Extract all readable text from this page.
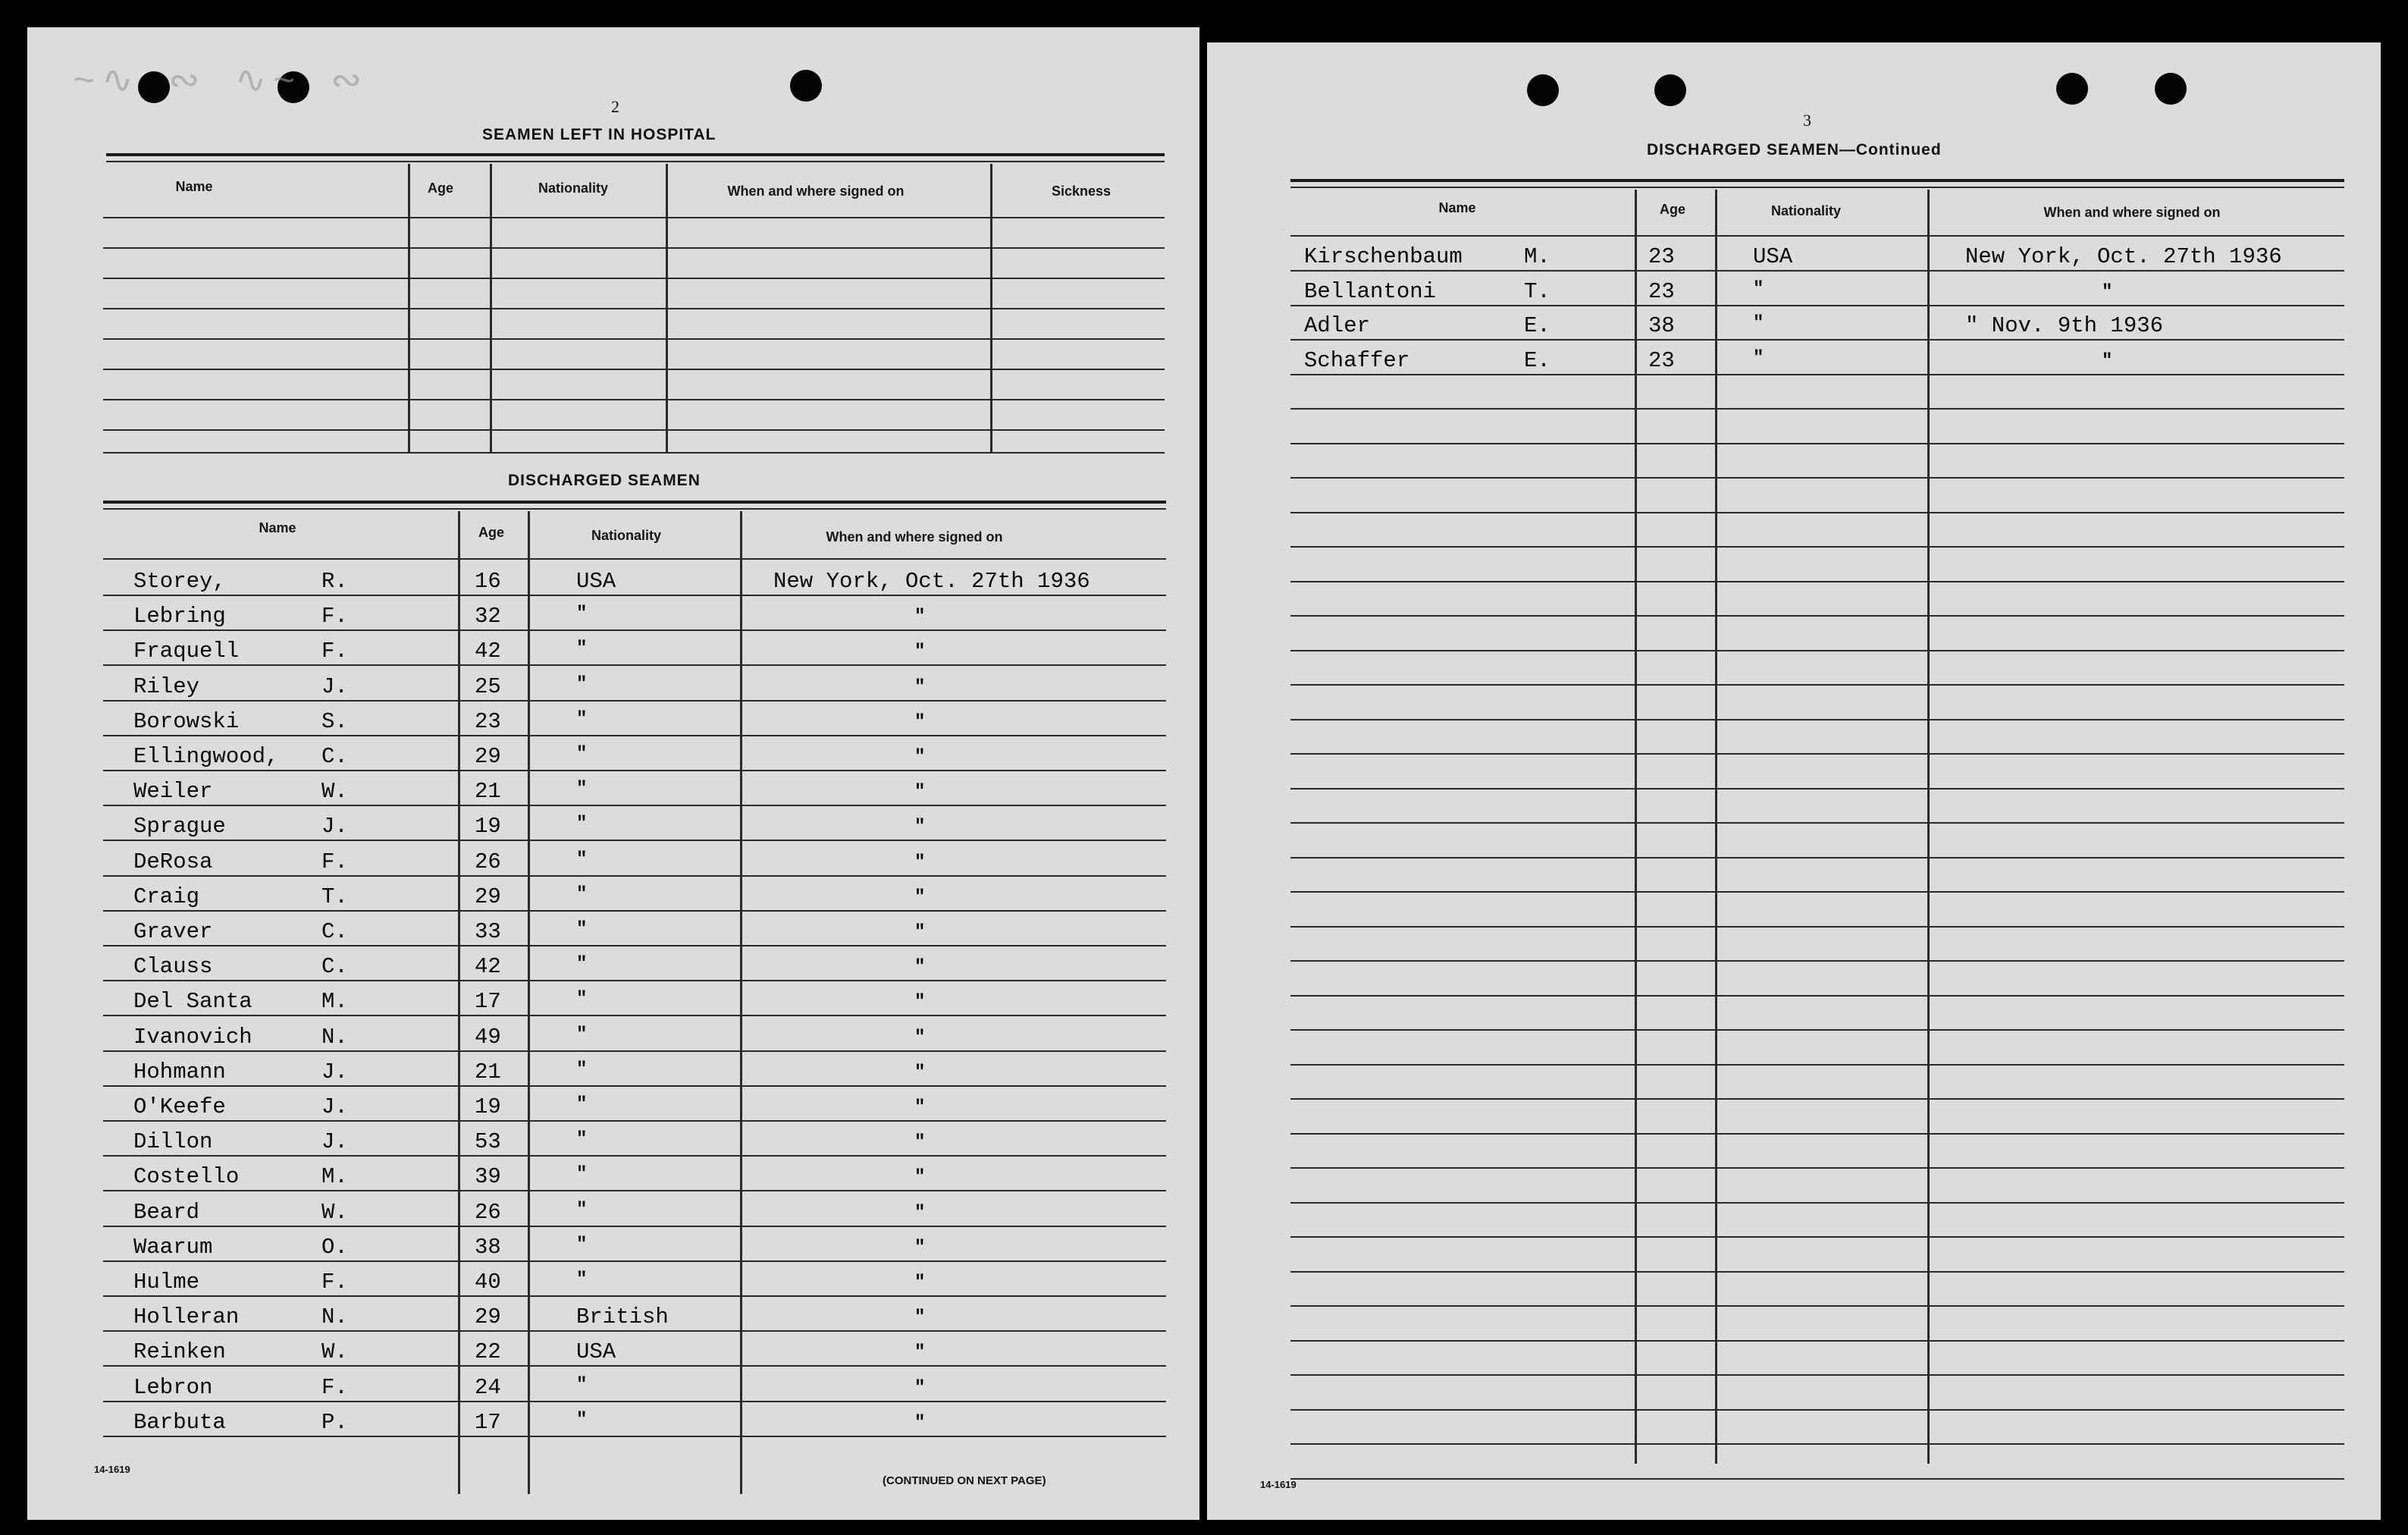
~∿ ∾ ∿~ ∾
2
SEAMEN LEFT IN HOSPITAL
Name	Age	Nationality	When and where signed on	Sickness
DISCHARGED SEAMEN
Name	Age	Nationality	When and where signed on
Storey,	R.	16	USA	New York, Oct. 27th 1936
Lebring	F.	32	"	"
Fraquell	F.	42	"	"
Riley	J.	25	"	"
Borowski	S.	23	"	"
Ellingwood, C.	29	"	"
Weiler	W.	21	"	"
Sprague	J.	19	"	"
DeRosa	F.	26	"	"
Craig	T.	29	"	"
Graver	C.	33	"	"
Clauss	C.	42	"	"
Del Santa	M.	17	"	"
Ivanovich	N.	49	"	"
Hohmann	J.	21	"	"
O'Keefe	J.	19	"	"
Dillon	J.	53	"	"
Costello	M.	39	"	"
Beard	W.	26	"	"
Waarum	O.	38	"	"
Hulme	F.	40	"	"
Holleran	N.	29	British	"
Reinken	W.	22	USA	"
Lebron	F.	24	"	"
Barbuta	P.	17	"	"
14-1619
(CONTINUED ON NEXT PAGE)
3
DISCHARGED SEAMEN—Continued
Name	Age	Nationality	When and where signed on
Kirschenbaum	M.	23	USA	New York, Oct. 27th 1936
Bellantoni	T.	23	"	"
Adler	E.	38	"	" Nov. 9th 1936
Schaffer	E.	23	"	"
14-1619
